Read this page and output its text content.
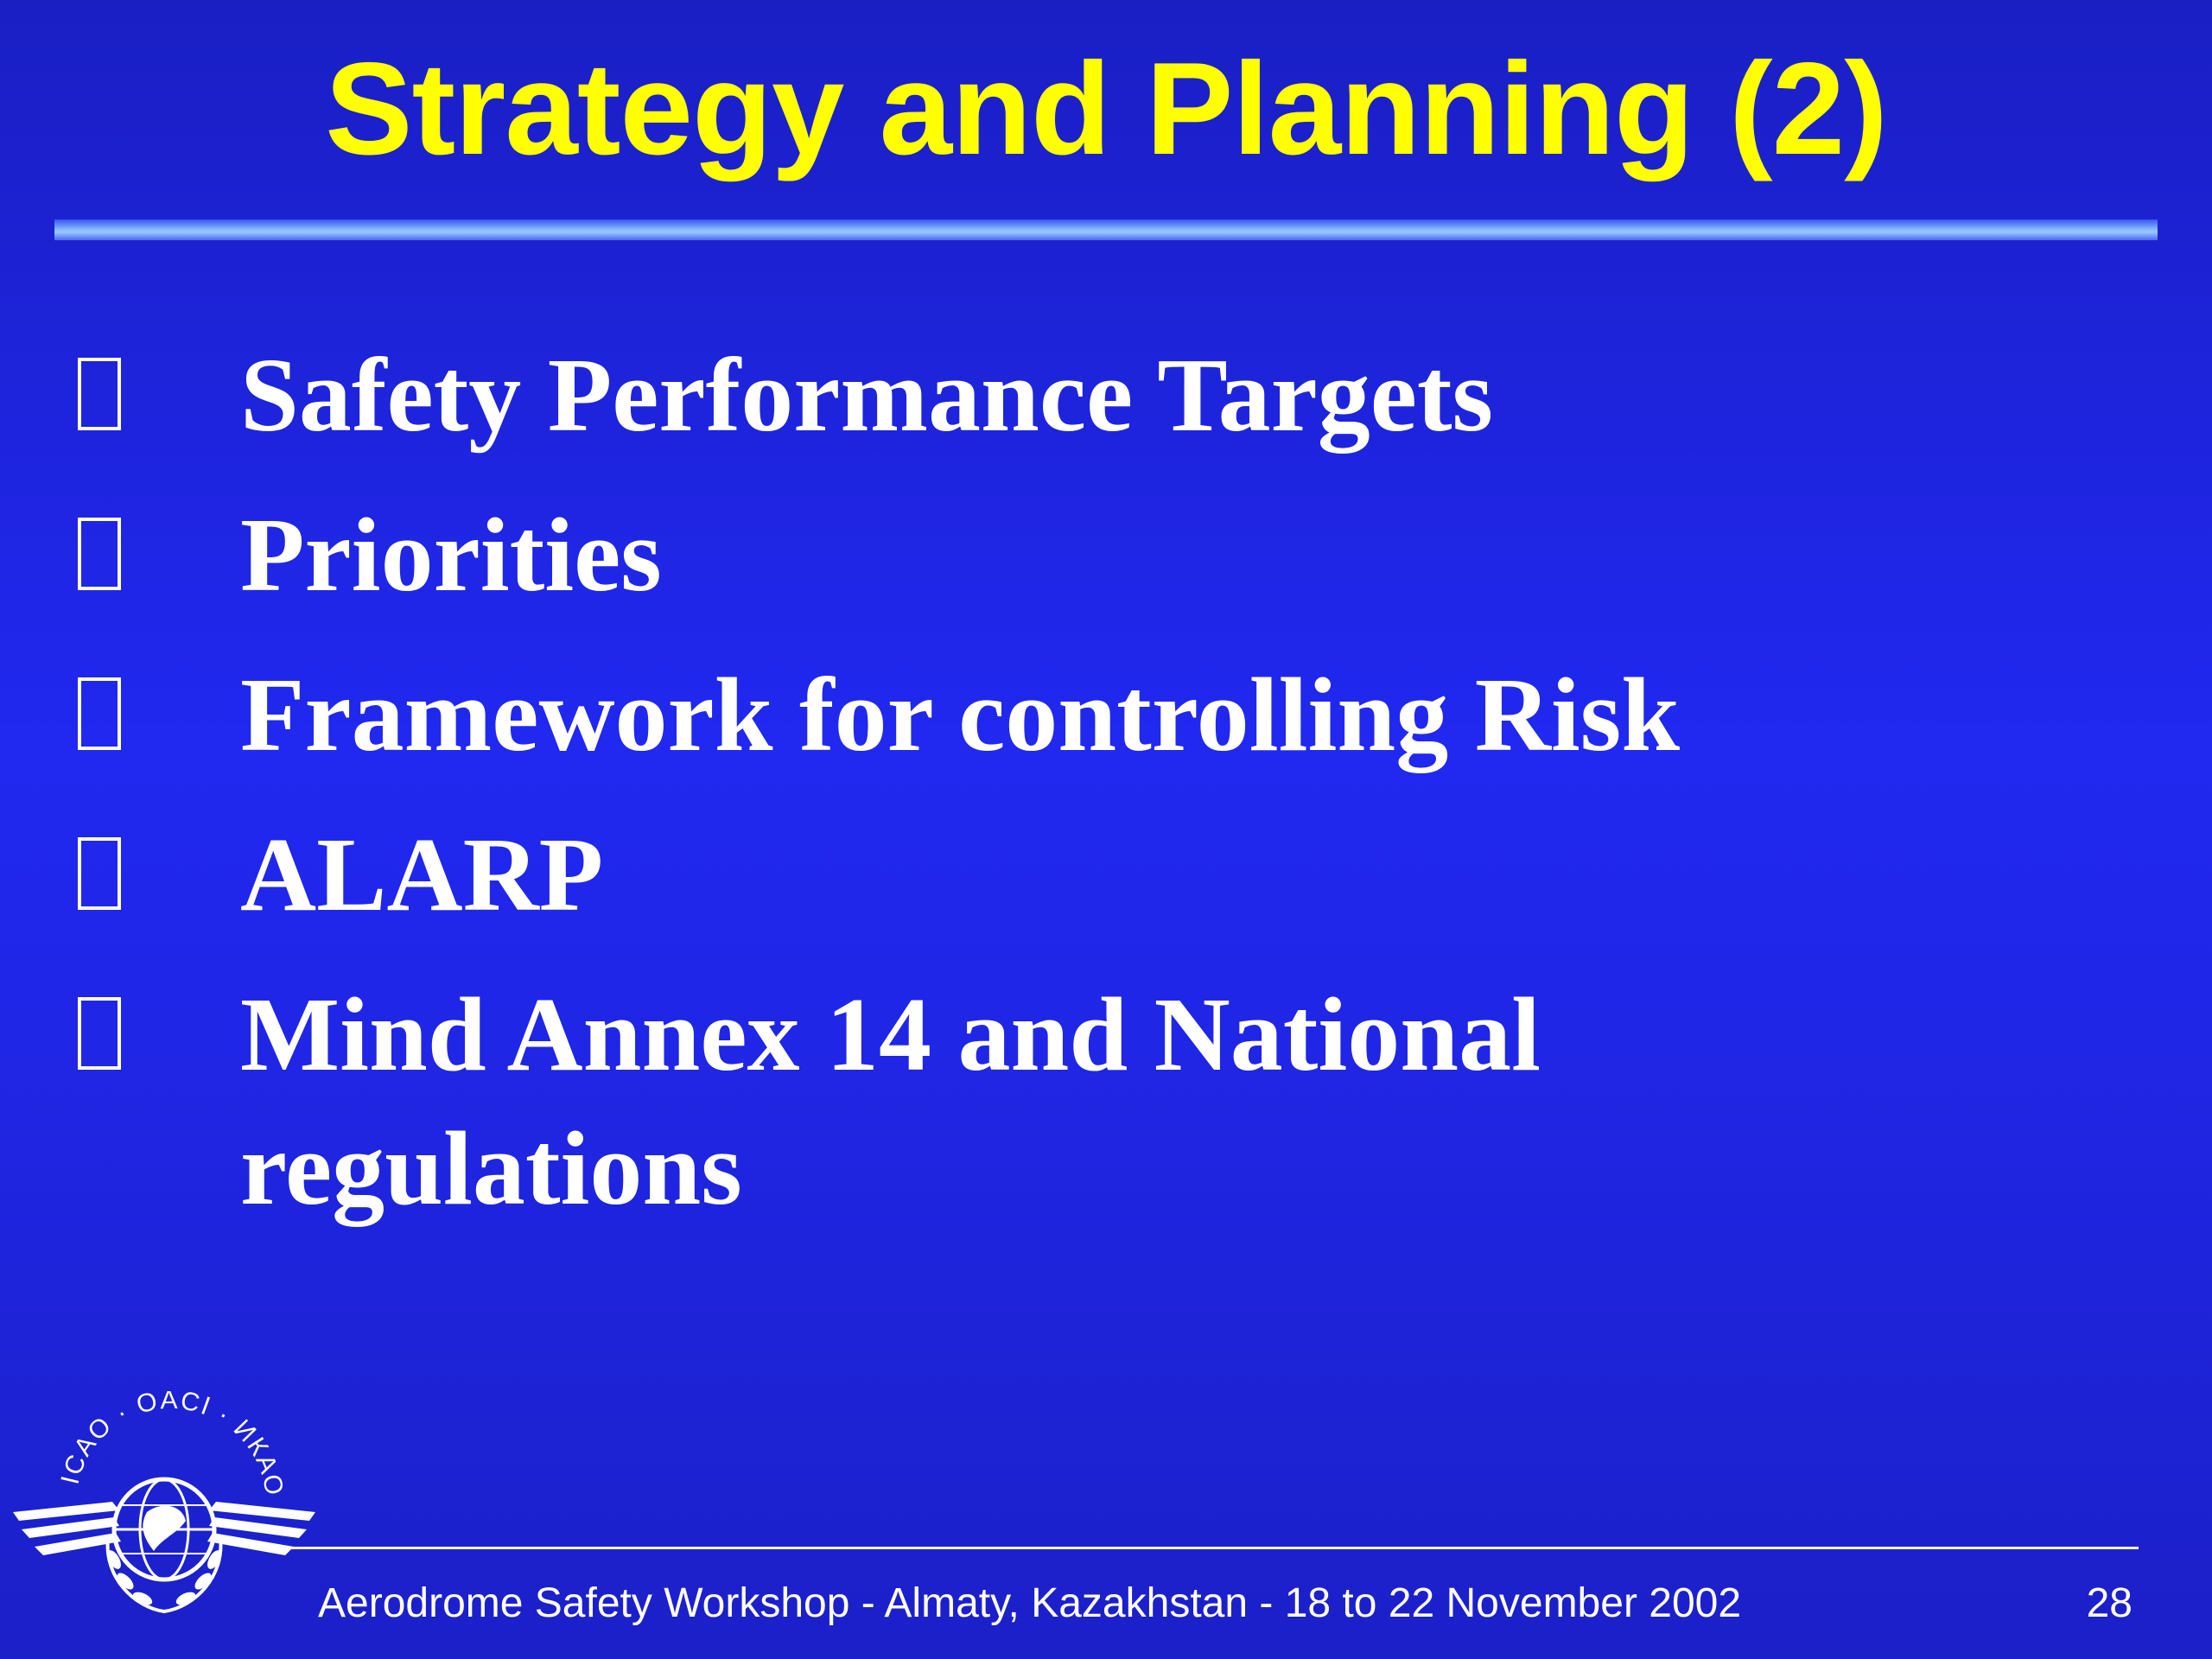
Strategy and Planning (2)
Safety Performance Targets
Priorities
Framework for controlling Risk
ALARP
Mind Annex 14 and National regulations
ICAO · OACI · ИКАО
Aerodrome Safety Workshop - Almaty, Kazakhstan - 18 to 22 November 2002	28
